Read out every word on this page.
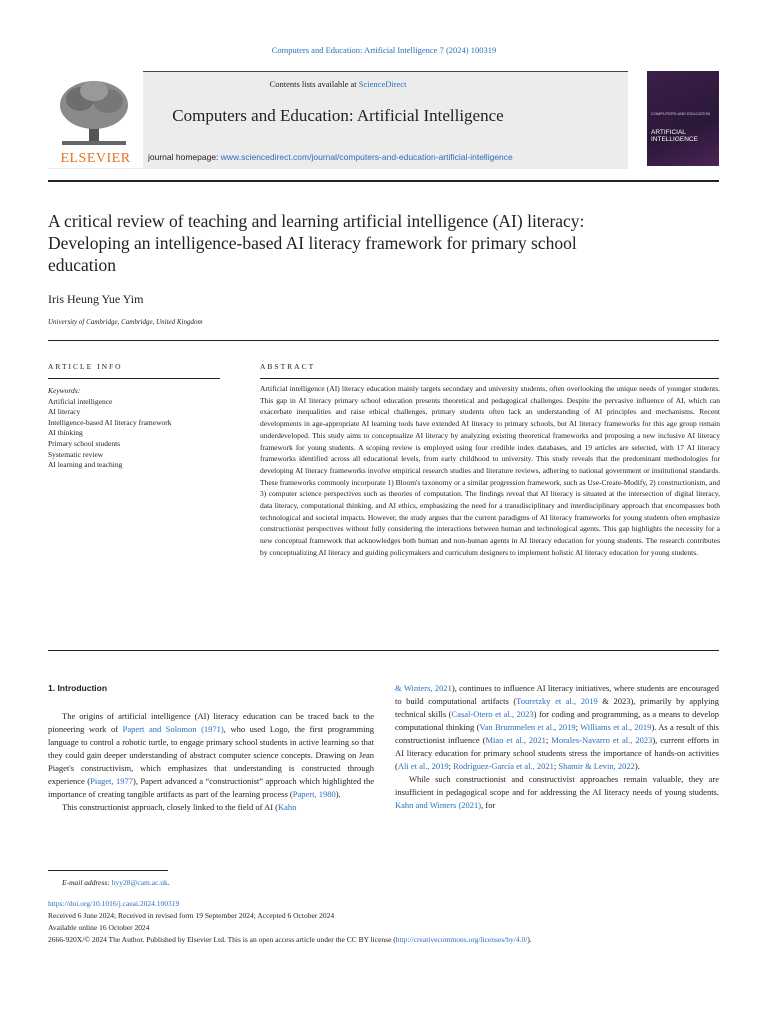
Computers and Education: Artificial Intelligence 7 (2024) 100319
ELSEVIER
Contents lists available at ScienceDirect
Computers and Education: Artificial Intelligence
journal homepage: www.sciencedirect.com/journal/computers-and-education-artificial-intelligence
COMPUTERS AND EDUCATION
ARTIFICIAL INTELLIGENCE
A critical review of teaching and learning artificial intelligence (AI) literacy: Developing an intelligence-based AI literacy framework for primary school education
Iris Heung Yue Yim
University of Cambridge, Cambridge, United Kingdom
ARTICLE INFO
Keywords:
Artificial intelligence
AI literacy
Intelligence-based AI literacy framework
AI thinking
Primary school students
Systematic review
AI learning and teaching
ABSTRACT
Artificial intelligence (AI) literacy education mainly targets secondary and university students, often overlooking the unique needs of younger students. This gap in AI literacy primary school education presents theoretical and pedagogical challenges. Despite the pervasive influence of AI, which can exacerbate inequalities and raise ethical challenges, primary students often lack an understanding of AI principles and mechanisms. Recent developments in age-appropriate AI learning tools have extended AI literacy to primary schools, but AI literacy frameworks for this age group remain underdeveloped. This study aims to conceptualize AI literacy by analyzing existing theoretical frameworks and proposing a new inclusive AI literacy framework for young students. A scoping review is employed using four credible index databases, and 19 articles are selected, with 17 AI literacy frameworks identified across all educational levels, from early childhood to university. This study reveals that the predominant methodologies for developing AI literacy frameworks involve empirical research studies and literature reviews, adhering to national government or institutional standards. These frameworks commonly incorporate 1) Bloom's taxonomy or a similar progression framework, such as Use-Create-Modify, 2) constructionism, and 3) computer science perspectives such as theories of computation. The findings reveal that AI literacy is situated at the intersection of digital literacy, data literacy, computational thinking, and AI ethics, emphasizing the need for a transdisciplinary and interdisciplinary approach that encompasses both technological and societal impacts. However, the study argues that the current paradigms of AI literacy frameworks for young students often emphasize constructionist perspectives without fully considering the interactions between human and technological agents. This gap highlights the necessity for a new conceptual framework that acknowledges both human and non-human agents in AI literacy education for young students. The research contributes by conceptualizing AI literacy and guiding policymakers and curriculum designers to implement holistic AI literacy education for young students.

1. Introduction

The origins of artificial intelligence (AI) literacy education can be traced back to the pioneering work of Papert and Solomon (1971), who used Logo, the first programming language to control a robotic turtle, to engage primary school students in active learning so that they could gain deeper understanding of abstract computer science concepts. Drawing on Jean Piaget's constructivism, which emphasizes that understanding is constructed through experience (Piaget, 1977), Papert advanced a “constructionist” approach which highlighted the importance of creating tangible artifacts as part of the learning process (Papert, 1980).

This constructionist approach, closely linked to the field of AI (Kahn

& Winters, 2021), continues to influence AI literacy initiatives, where students are encouraged to build computational artifacts (Touretzky et al., 2019 & 2023), primarily by applying technical skills (Casal-Otero et al., 2023) for coding and programming, as a means to develop computational thinking (Van Brummelen et al., 2019; Williams et al., 2019). As a result of this constructionist influence (Miao et al., 2021; Morales-Navarro et al., 2023), current efforts in AI literacy education for primary school students stress the importance of hands-on activities (Ali et al., 2019; Rodríguez-García et al., 2021; Shamir & Levin, 2022).

While such constructionist and constructivist approaches remain valuable, they are insufficient in pedagogical scope and for addressing the AI literacy needs of young students. Kahn and Winters (2021), for

E-mail address: hyy28@cam.ac.uk.
https://doi.org/10.1016/j.caeai.2024.100319
Received 6 June 2024; Received in revised form 19 September 2024; Accepted 6 October 2024
Available online 16 October 2024
2666-920X/© 2024 The Author. Published by Elsevier Ltd. This is an open access article under the CC BY license (http://creativecommons.org/licenses/by/4.0/).
